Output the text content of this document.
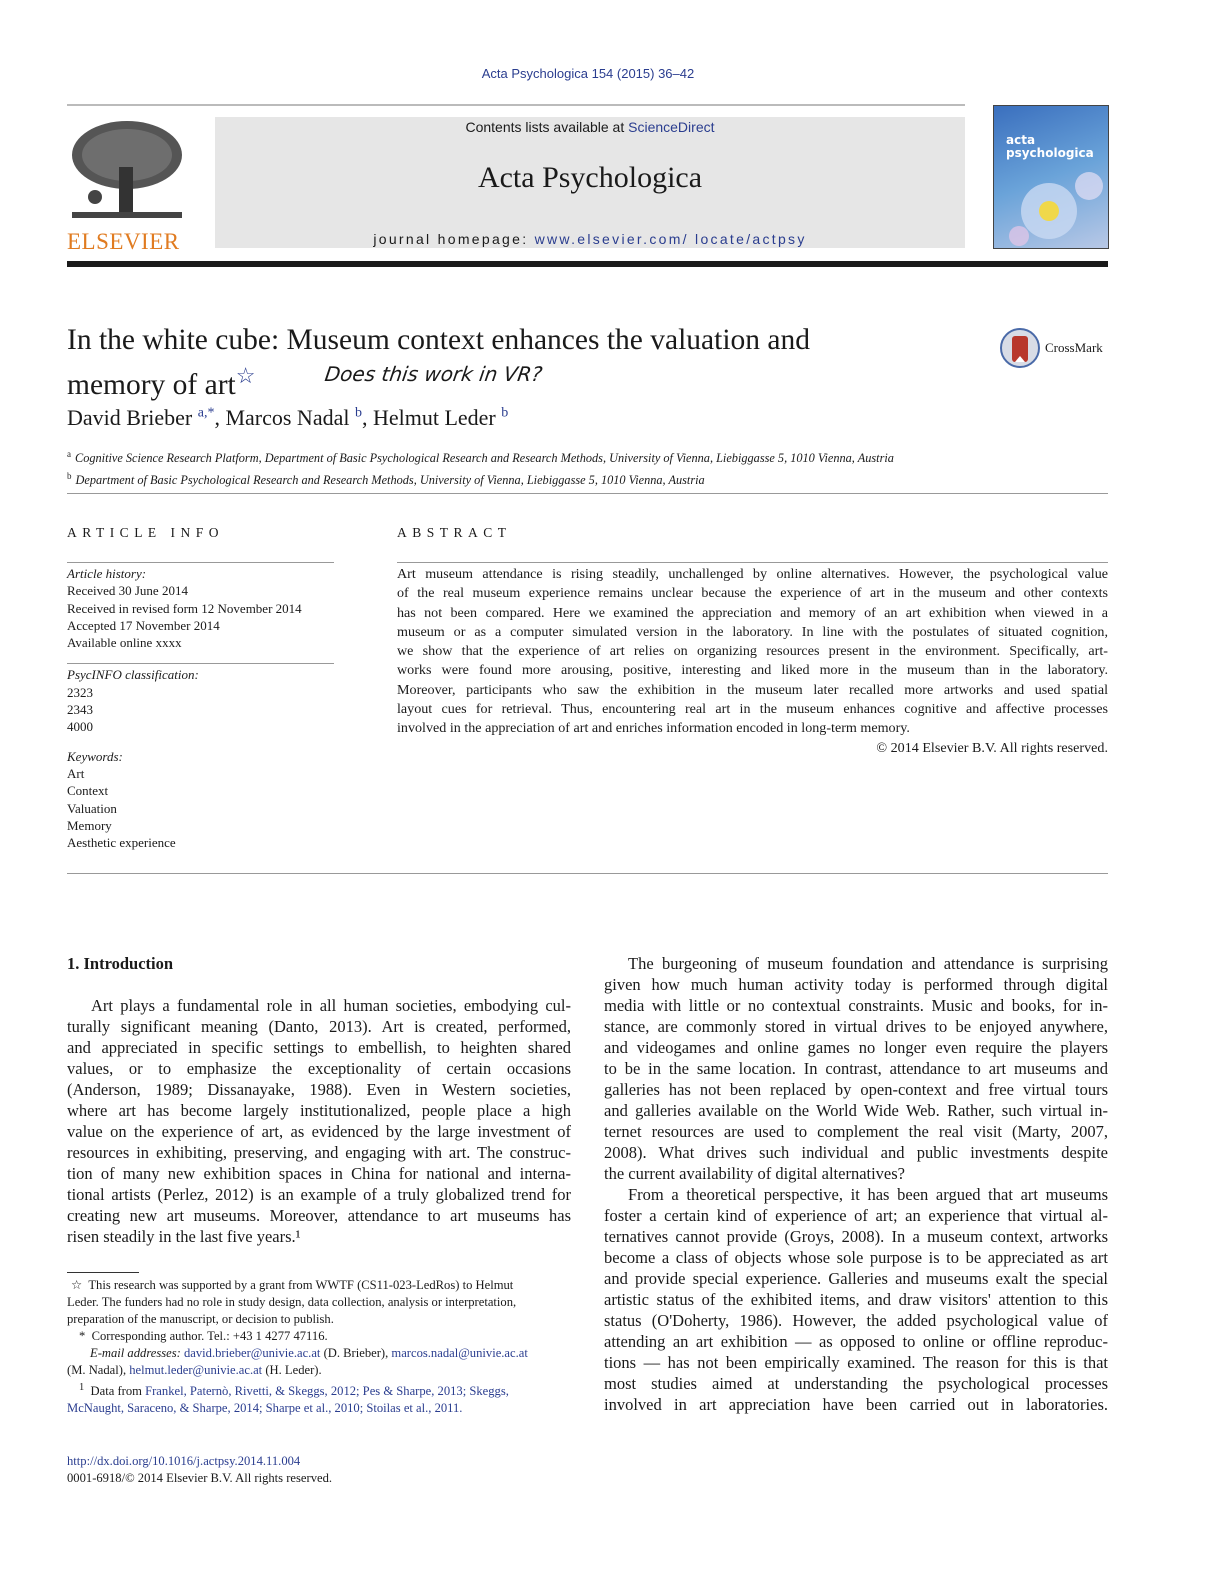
Acta Psychologica 154 (2015) 36–42
ELSEVIER
Contents lists available at ScienceDirect
Acta Psychologica
journal homepage: www.elsevier.com/ locate/actpsy
acta
psychologica
In the white cube: Museum context enhances the valuation and
memory of art☆	Does this work in VR?
CrossMark
David Brieber $^{a,*}$, Marcos Nadal $^b$, Helmut Leder $^b$
$^a$ Cognitive Science Research Platform, Department of Basic Psychological Research and Research Methods, University of Vienna, Liebiggasse 5, 1010 Vienna, Austria
$^b$ Department of Basic Psychological Research and Research Methods, University of Vienna, Liebiggasse 5, 1010 Vienna, Austria
ARTICLE INFO	ABSTRACT
Article history:
Received 30 June 2014
Received in revised form 12 November 2014
Accepted 17 November 2014
Available online xxxx
PsycINFO classification:
2323
2343
4000
Keywords:
Art
Context
Valuation
Memory
Aesthetic experience
Art museum attendance is rising steadily, unchallenged by online alternatives. However, the psychological value
of the real museum experience remains unclear because the experience of art in the museum and other contexts
has not been compared. Here we examined the appreciation and memory of an art exhibition when viewed in a
museum or as a computer simulated version in the laboratory. In line with the postulates of situated cognition,
we show that the experience of art relies on organizing resources present in the environment. Specifically, art-
works were found more arousing, positive, interesting and liked more in the museum than in the laboratory.
Moreover, participants who saw the exhibition in the museum later recalled more artworks and used spatial
layout cues for retrieval. Thus, encountering real art in the museum enhances cognitive and affective processes
involved in the appreciation of art and enriches information encoded in long-term memory.
© 2014 Elsevier B.V. All rights reserved.
1. Introduction
Art plays a fundamental role in all human societies, embodying cul-
turally significant meaning (Danto, 2013). Art is created, performed,
and appreciated in specific settings to embellish, to heighten shared
values, or to emphasize the exceptionality of certain occasions
(Anderson, 1989; Dissanayake, 1988). Even in Western societies,
where art has become largely institutionalized, people place a high
value on the experience of art, as evidenced by the large investment of
resources in exhibiting, preserving, and engaging with art. The construc-
tion of many new exhibition spaces in China for national and interna-
tional artists (Perlez, 2012) is an example of a truly globalized trend for
creating new art museums. Moreover, attendance to art museums has
risen steadily in the last five years.¹
The burgeoning of museum foundation and attendance is surprising
given how much human activity today is performed through digital
media with little or no contextual constraints. Music and books, for in-
stance, are commonly stored in virtual drives to be enjoyed anywhere,
and videogames and online games no longer even require the players
to be in the same location. In contrast, attendance to art museums and
galleries has not been replaced by open-context and free virtual tours
and galleries available on the World Wide Web. Rather, such virtual in-
ternet resources are used to complement the real visit (Marty, 2007,
2008). What drives such individual and public investments despite
the current availability of digital alternatives?
From a theoretical perspective, it has been argued that art museums
foster a certain kind of experience of art; an experience that virtual al-
ternatives cannot provide (Groys, 2008). In a museum context, artworks
become a class of objects whose sole purpose is to be appreciated as art
and provide special experience. Galleries and museums exalt the special
artistic status of the exhibited items, and draw visitors' attention to this
status (O'Doherty, 1986). However, the added psychological value of
attending an art exhibition — as opposed to online or offline reproduc-
tions — has not been empirically examined. The reason for this is that
most studies aimed at understanding the psychological processes
involved in art appreciation have been carried out in laboratories.
☆  This research was supported by a grant from WWTF (CS11-023-LedRos) to Helmut
Leder. The funders had no role in study design, data collection, analysis or interpretation,
preparation of the manuscript, or decision to publish.
*  Corresponding author. Tel.: +43 1 4277 47116.
E-mail addresses: david.brieber@univie.ac.at (D. Brieber), marcos.nadal@univie.ac.at
(M. Nadal), helmut.leder@univie.ac.at (H. Leder).
$^1$ Data from Frankel, Paternò, Rivetti, & Skeggs, 2012; Pes & Sharpe, 2013; Skeggs,
McNaught, Saraceno, & Sharpe, 2014; Sharpe et al., 2010; Stoilas et al., 2011.
http://dx.doi.org/10.1016/j.actpsy.2014.11.004
0001-6918/© 2014 Elsevier B.V. All rights reserved.
